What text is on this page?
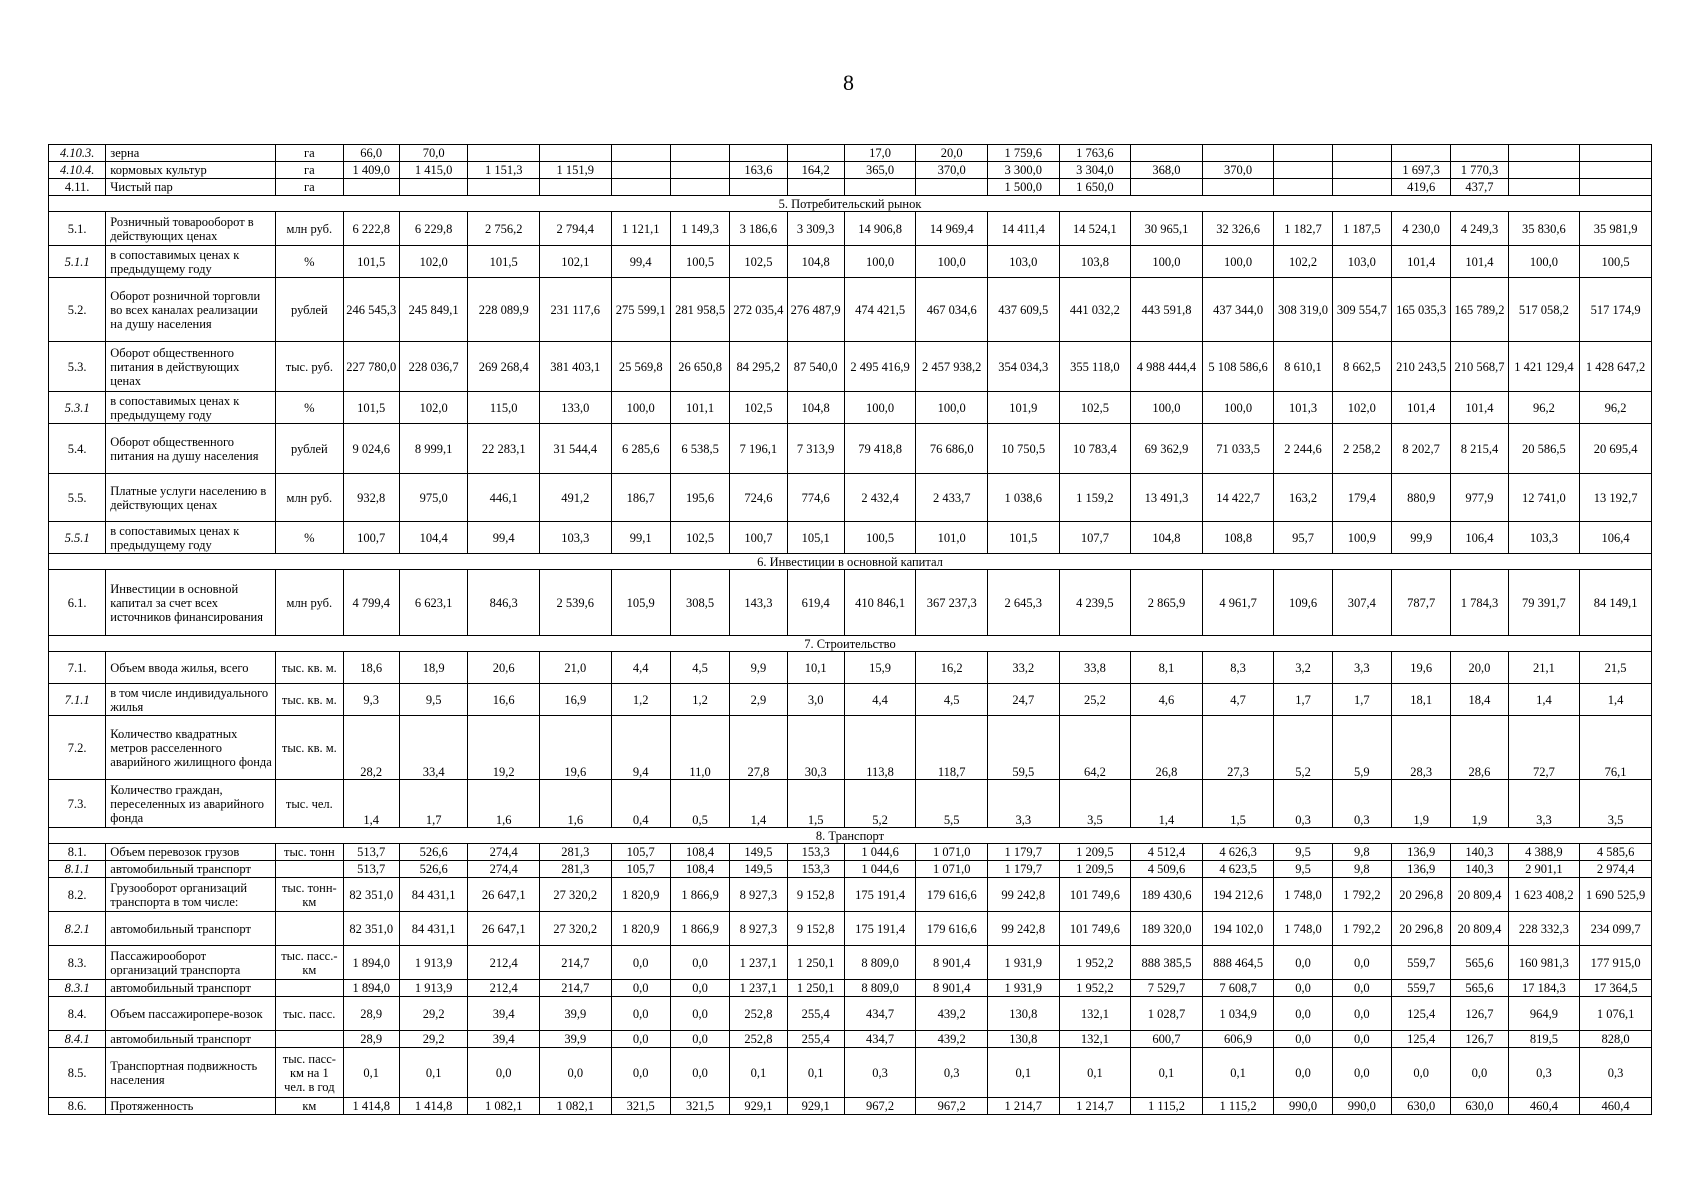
8
4.10.3.	зерна	га	66,0	70,0							17,0	20,0	1 759,6	1 763,6								
4.10.4.	кормовых культур	га	1 409,0	1 415,0	1 151,3	1 151,9			163,6	164,2	365,0	370,0	3 300,0	3 304,0	368,0	370,0			1 697,3	1 770,3		
4.11.	Чистый пар	га											1 500,0	1 650,0					419,6	437,7		
5. Потребительский рынок																						
5.1.	Розничный товарооборот в действующих ценах	млн руб.	6 222,8	6 229,8	2 756,2	2 794,4	1 121,1	1 149,3	3 186,6	3 309,3	14 906,8	14 969,4	14 411,4	14 524,1	30 965,1	32 326,6	1 182,7	1 187,5	4 230,0	4 249,3	35 830,6	35 981,9
5.1.1	в сопоставимых ценах к предыдущему году	%	101,5	102,0	101,5	102,1	99,4	100,5	102,5	104,8	100,0	100,0	103,0	103,8	100,0	100,0	102,2	103,0	101,4	101,4	100,0	100,5
5.2.	Оборот розничной торговли во всех каналах реализации на душу населения	рублей	246 545,3	245 849,1	228 089,9	231 117,6	275 599,1	281 958,5	272 035,4	276 487,9	474 421,5	467 034,6	437 609,5	441 032,2	443 591,8	437 344,0	308 319,0	309 554,7	165 035,3	165 789,2	517 058,2	517 174,9
5.3.	Оборот общественного питания в действующих ценах	тыс. руб.	227 780,0	228 036,7	269 268,4	381 403,1	25 569,8	26 650,8	84 295,2	87 540,0	2 495 416,9	2 457 938,2	354 034,3	355 118,0	4 988 444,4	5 108 586,6	8 610,1	8 662,5	210 243,5	210 568,7	1 421 129,4	1 428 647,2
5.3.1	в сопоставимых ценах к предыдущему году	%	101,5	102,0	115,0	133,0	100,0	101,1	102,5	104,8	100,0	100,0	101,9	102,5	100,0	100,0	101,3	102,0	101,4	101,4	96,2	96,2
5.4.	Оборот общественного питания на душу населения	рублей	9 024,6	8 999,1	22 283,1	31 544,4	6 285,6	6 538,5	7 196,1	7 313,9	79 418,8	76 686,0	10 750,5	10 783,4	69 362,9	71 033,5	2 244,6	2 258,2	8 202,7	8 215,4	20 586,5	20 695,4
5.5.	Платные услуги населению в действующих ценах	млн руб.	932,8	975,0	446,1	491,2	186,7	195,6	724,6	774,6	2 432,4	2 433,7	1 038,6	1 159,2	13 491,3	14 422,7	163,2	179,4	880,9	977,9	12 741,0	13 192,7
5.5.1	в сопоставимых ценах к предыдущему году	%	100,7	104,4	99,4	103,3	99,1	102,5	100,7	105,1	100,5	101,0	101,5	107,7	104,8	108,8	95,7	100,9	99,9	106,4	103,3	106,4
6. Инвестиции в основной капитал																						
6.1.	Инвестиции в основной капитал за счет всех источников финансирования	млн руб.	4 799,4	6 623,1	846,3	2 539,6	105,9	308,5	143,3	619,4	410 846,1	367 237,3	2 645,3	4 239,5	2 865,9	4 961,7	109,6	307,4	787,7	1 784,3	79 391,7	84 149,1
7. Строительство																						
7.1.	Объем ввода жилья, всего	тыс. кв. м.	18,6	18,9	20,6	21,0	4,4	4,5	9,9	10,1	15,9	16,2	33,2	33,8	8,1	8,3	3,2	3,3	19,6	20,0	21,1	21,5
7.1.1	в том числе индивидуального жилья	тыс. кв. м.	9,3	9,5	16,6	16,9	1,2	1,2	2,9	3,0	4,4	4,5	24,7	25,2	4,6	4,7	1,7	1,7	18,1	18,4	1,4	1,4
7.2.	Количество квадратных метров расселенного аварийного жилищного фонда	тыс. кв. м.	28,2	33,4	19,2	19,6	9,4	11,0	27,8	30,3	113,8	118,7	59,5	64,2	26,8	27,3	5,2	5,9	28,3	28,6	72,7	76,1
7.3.	Количество граждан, переселенных из аварийного фонда	тыс. чел.	1,4	1,7	1,6	1,6	0,4	0,5	1,4	1,5	5,2	5,5	3,3	3,5	1,4	1,5	0,3	0,3	1,9	1,9	3,3	3,5
8. Транспорт																						
8.1.	Объем перевозок грузов	тыс. тонн	513,7	526,6	274,4	281,3	105,7	108,4	149,5	153,3	1 044,6	1 071,0	1 179,7	1 209,5	4 512,4	4 626,3	9,5	9,8	136,9	140,3	4 388,9	4 585,6
8.1.1	автомобильный транспорт		513,7	526,6	274,4	281,3	105,7	108,4	149,5	153,3	1 044,6	1 071,0	1 179,7	1 209,5	4 509,6	4 623,5	9,5	9,8	136,9	140,3	2 901,1	2 974,4
8.2.	Грузооборот организаций транспорта в том числе:	тыс. тонн-км	82 351,0	84 431,1	26 647,1	27 320,2	1 820,9	1 866,9	8 927,3	9 152,8	175 191,4	179 616,6	99 242,8	101 749,6	189 430,6	194 212,6	1 748,0	1 792,2	20 296,8	20 809,4	1 623 408,2	1 690 525,9
8.2.1	автомобильный транспорт		82 351,0	84 431,1	26 647,1	27 320,2	1 820,9	1 866,9	8 927,3	9 152,8	175 191,4	179 616,6	99 242,8	101 749,6	189 320,0	194 102,0	1 748,0	1 792,2	20 296,8	20 809,4	228 332,3	234 099,7
8.3.	Пассажирооборот организаций транспорта	тыс. пасс.-км	1 894,0	1 913,9	212,4	214,7	0,0	0,0	1 237,1	1 250,1	8 809,0	8 901,4	1 931,9	1 952,2	888 385,5	888 464,5	0,0	0,0	559,7	565,6	160 981,3	177 915,0
8.3.1	автомобильный транспорт		1 894,0	1 913,9	212,4	214,7	0,0	0,0	1 237,1	1 250,1	8 809,0	8 901,4	1 931,9	1 952,2	7 529,7	7 608,7	0,0	0,0	559,7	565,6	17 184,3	17 364,5
8.4.	Объем пассажиропере-возок	тыс. пасс.	28,9	29,2	39,4	39,9	0,0	0,0	252,8	255,4	434,7	439,2	130,8	132,1	1 028,7	1 034,9	0,0	0,0	125,4	126,7	964,9	1 076,1
8.4.1	автомобильный транспорт		28,9	29,2	39,4	39,9	0,0	0,0	252,8	255,4	434,7	439,2	130,8	132,1	600,7	606,9	0,0	0,0	125,4	126,7	819,5	828,0
8.5.	Транспортная подвижность населения	тыс. пасс-км на 1 чел. в год	0,1	0,1	0,0	0,0	0,0	0,0	0,1	0,1	0,3	0,3	0,1	0,1	0,1	0,1	0,0	0,0	0,0	0,0	0,3	0,3
8.6.	Протяженность	км	1 414,8	1 414,8	1 082,1	1 082,1	321,5	321,5	929,1	929,1	967,2	967,2	1 214,7	1 214,7	1 115,2	1 115,2	990,0	990,0	630,0	630,0	460,4	460,4
